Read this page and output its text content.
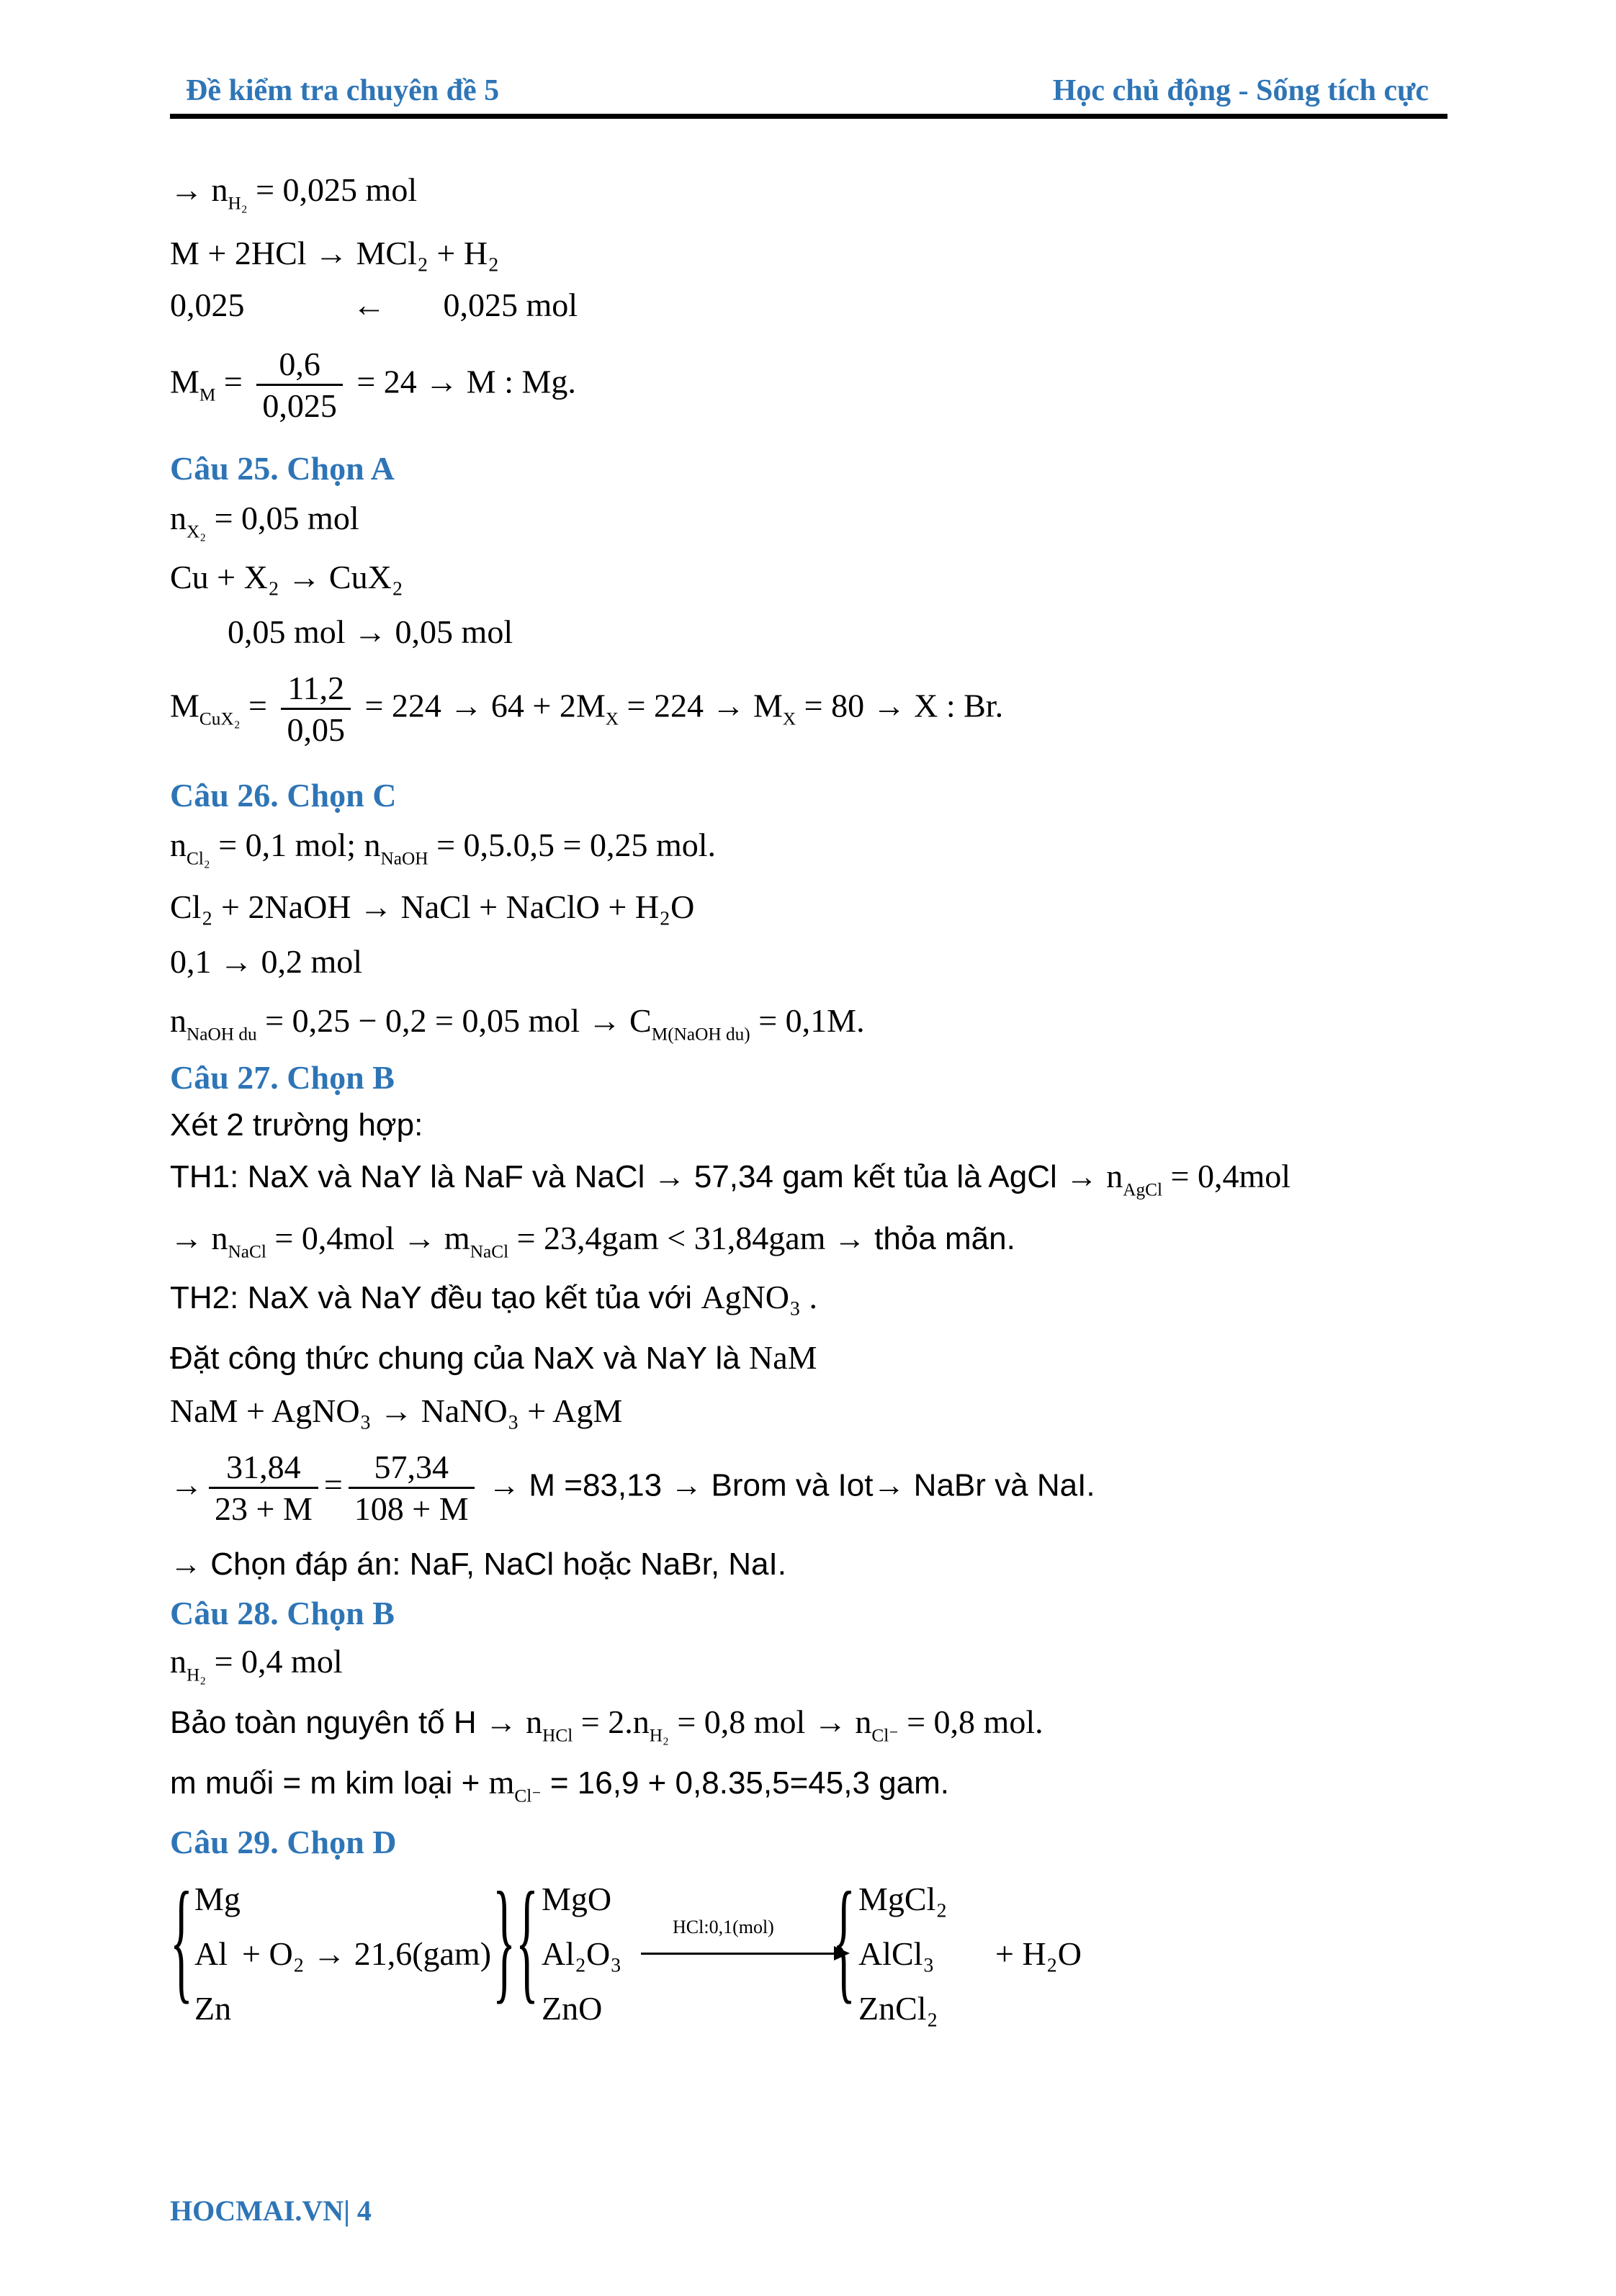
Đề kiểm tra chuyên đề 5	Học chủ động - Sống tích cực
→ $n_{H_2} = 0,025$ mol
M + 2HCl → MCl₂ + H₂
0,025	← 0,025 mol
$M_M = \frac{0,6}{0,025} = 24 \to M$ : Mg.
Câu 25. Chọn A
$n_{X_2} = 0,05$ mol
Cu + X₂ → CuX₂
0,05 mol → 0,05 mol
$M_{CuX_2} = \frac{11,2}{0,05} = 224 \to 64 + 2M_X = 224 \to M_X = 80 \to X$ : Br.
Câu 26. Chọn C
$n_{Cl_2} = 0,1$ mol; $n_{NaOH} = 0,5.0,5 = 0,25$ mol.
Cl₂ + 2NaOH → NaCl + NaClO + H₂O
0,1 → 0,2 mol
$n_{NaOH du} = 0,25 - 0,2 = 0,05$ mol → $C_{M(NaOH du)} = 0,1M$.
Câu 27. Chọn B
Xét 2 trường hợp:
TH1: NaX và NaY là NaF và NaCl → 57,34 gam kết tủa là AgCl → $n_{AgCl} = 0,4mol$
→ $n_{NaCl} = 0,4mol \to m_{NaCl} = 23,4gam < 31,84gam$ → thỏa mãn.
TH2: NaX và NaY đều tạo kết tủa với AgNO₃ .
Đặt công thức chung của NaX và NaY là NaM
NaM + AgNO₃ → NaNO₃ + AgM
→ $\frac{31,84}{23 + M} = \frac{57,34}{108 + M} \to M =83,13$ → Brom và Iot→ NaBr và NaI.
→ Chọn đáp án: NaF, NaCl hoặc NaBr, NaI.
Câu 28. Chọn B
$n_{H_2} = 0,4$ mol
Bảo toàn nguyên tố $H \to n_{HCl} = 2.n_{H_2} = 0,8$ mol → $n_{Cl^-} = 0,8$ mol.
m muối = m kim loại + $m_{Cl^-} = 16,9 + 0,8.35,5=45,3$ gam.
Câu 29. Chọn D
{ Mg
Al
Zn
+ O₂ → 21,6(gam) { { MgO
Al₂O₃
ZnO
HCl:0,1(mol) { MgCl₂
AlCl₃
ZnCl₂
+ H₂O
HOCMAI.VN| 4
